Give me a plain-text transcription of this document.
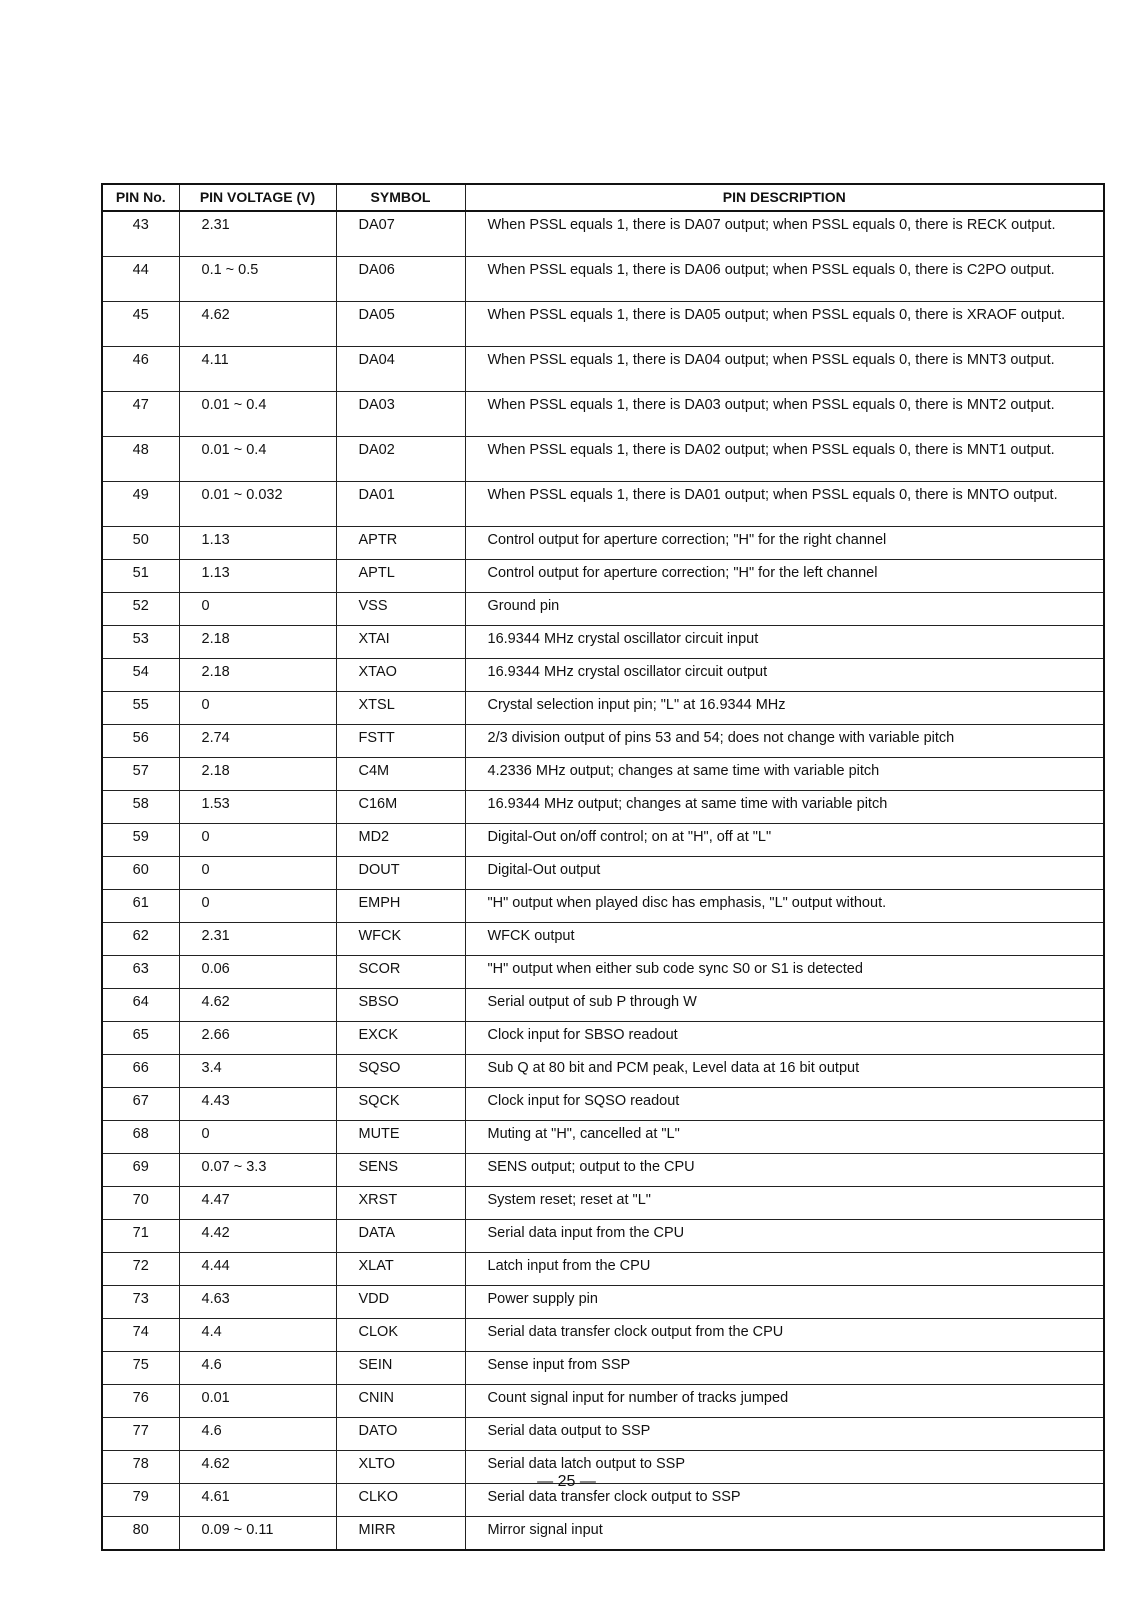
PIN No.	PIN VOLTAGE (V)	SYMBOL	PIN DESCRIPTION
43	2.31	DA07	When PSSL equals 1, there is DA07 output; when PSSL equals 0, there is RECK output.
44	0.1 ~ 0.5	DA06	When PSSL equals 1, there is DA06 output; when PSSL equals 0, there is C2PO output.
45	4.62	DA05	When PSSL equals 1, there is DA05 output; when PSSL equals 0, there is XRAOF output.
46	4.11	DA04	When PSSL equals 1, there is DA04 output; when PSSL equals 0, there is MNT3 output.
47	0.01 ~ 0.4	DA03	When PSSL equals 1, there is DA03 output; when PSSL equals 0, there is MNT2 output.
48	0.01 ~ 0.4	DA02	When PSSL equals 1, there is DA02 output; when PSSL equals 0, there is MNT1 output.
49	0.01 ~ 0.032	DA01	When PSSL equals 1, there is DA01 output; when PSSL equals 0, there is MNTO output.
50	1.13	APTR	Control output for aperture correction; "H" for the right channel
51	1.13	APTL	Control output for aperture correction; "H" for the left channel
52	0	VSS	Ground pin
53	2.18	XTAI	16.9344 MHz crystal oscillator circuit input
54	2.18	XTAO	16.9344 MHz crystal oscillator circuit output
55	0	XTSL	Crystal selection input pin; "L" at 16.9344 MHz
56	2.74	FSTT	2/3 division output of pins 53 and 54; does not change with variable pitch
57	2.18	C4M	4.2336 MHz output; changes at same time with variable pitch
58	1.53	C16M	16.9344 MHz output; changes at same time with variable pitch
59	0	MD2	Digital-Out on/off control; on at "H", off at "L"
60	0	DOUT	Digital-Out output
61	0	EMPH	"H" output when played disc has emphasis, "L" output without.
62	2.31	WFCK	WFCK output
63	0.06	SCOR	"H" output when either sub code sync S0 or S1 is detected
64	4.62	SBSO	Serial output of sub P through W
65	2.66	EXCK	Clock input for SBSO readout
66	3.4	SQSO	Sub Q at 80 bit and PCM peak, Level data at 16 bit output
67	4.43	SQCK	Clock input for SQSO readout
68	0	MUTE	Muting at "H", cancelled at "L"
69	0.07 ~ 3.3	SENS	SENS output; output to the CPU
70	4.47	XRST	System reset; reset at "L"
71	4.42	DATA	Serial data input from the CPU
72	4.44	XLAT	Latch input from the CPU
73	4.63	VDD	Power supply pin
74	4.4	CLOK	Serial data transfer clock output from the CPU
75	4.6	SEIN	Sense input from SSP
76	0.01	CNIN	Count signal input for number of tracks jumped
77	4.6	DATO	Serial data output to SSP
78	4.62	XLTO	Serial data latch output to SSP
79	4.61	CLKO	Serial data transfer clock output to SSP
80	0.09 ~ 0.11	MIRR	Mirror signal input
— 25 —
